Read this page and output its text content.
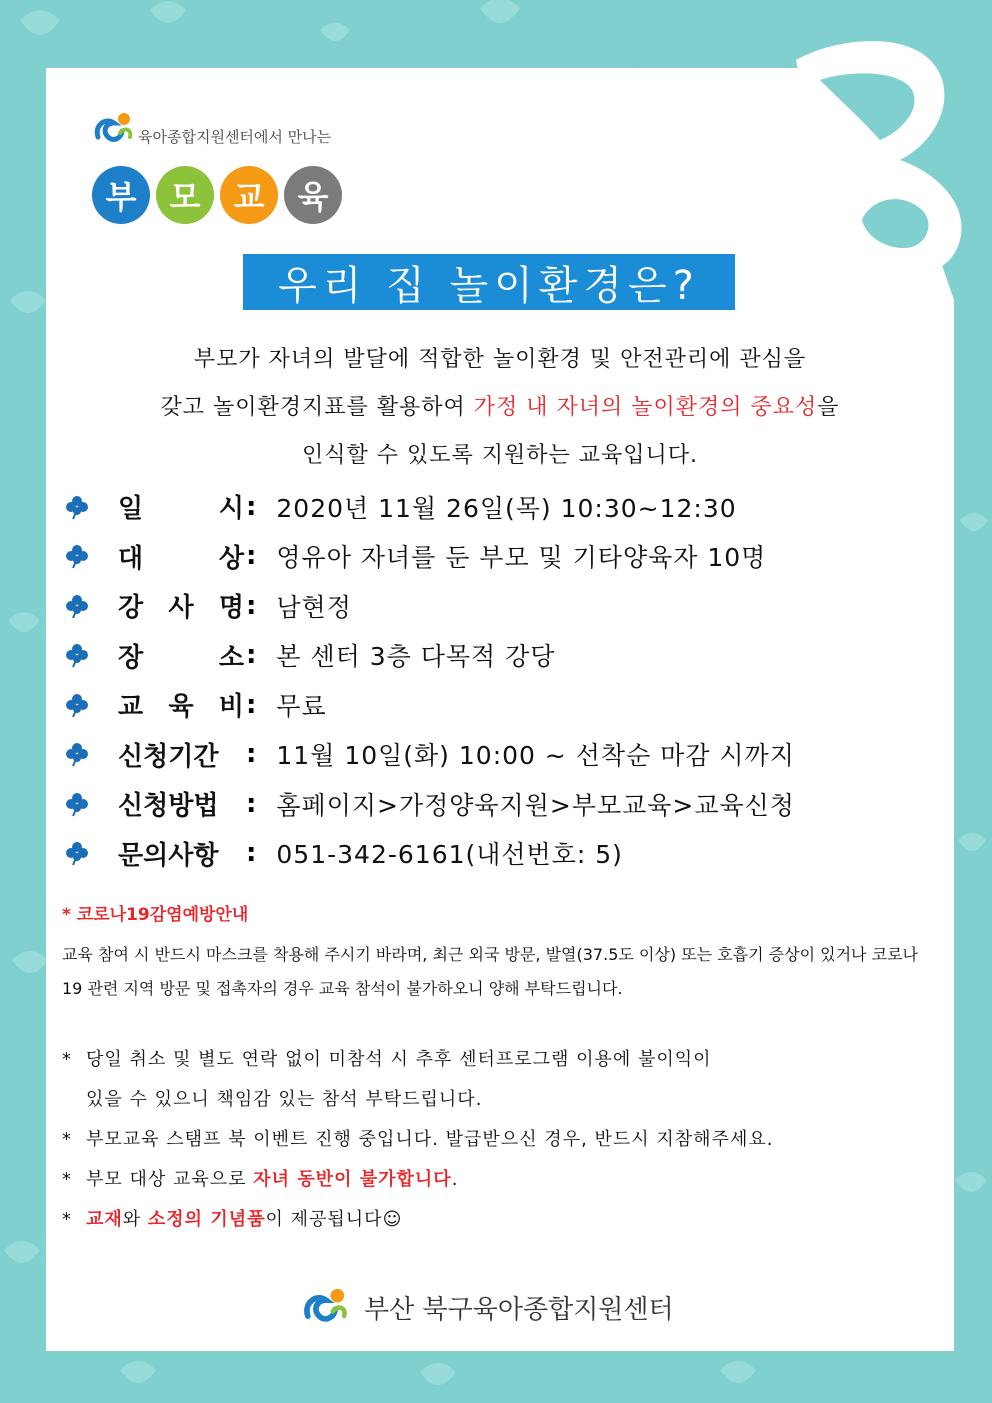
육아종합지원센터에서 만나는
부 모 교 육
우리 집 놀이환경은?
부모가 자녀의 발달에 적합한 놀이환경 및 안전관리에 관심을
갖고 놀이환경지표를 활용하여 가정 내 자녀의 놀이환경의 중요성을
인식할 수 있도록 지원하는 교육입니다.
일	시 : 2020년 11월 26일(목) 10:30~12:30
대	상 : 영유아 자녀를 둔 부모 및 기타양육자 10명
강 사 명 : 남현정
장	소 : 본 센터 3층 다목적 강당
교 육 비 : 무료
신청기간 : 11월 10일(화) 10:00 ~ 선착순 마감 시까지
신청방법 : 홈페이지>가정양육지원>부모교육>교육신청
문의사항 : 051-342-6161(내선번호: 5)
* 코로나19감염예방안내
교육 참여 시 반드시 마스크를 착용해 주시기 바라며, 최근 외국 방문, 발열(37.5도 이상) 또는 호흡기 증상이 있거나 코로나19 관련 지역 방문 및 접촉자의 경우 교육 참석이 불가하오니 양해 부탁드립니다.
* 당일 취소 및 별도 연락 없이 미참석 시 추후 센터프로그램 이용에 불이익이
있을 수 있으니 책임감 있는 참석 부탁드립니다.
* 부모교육 스탬프 북 이벤트 진행 중입니다. 발급받으신 경우, 반드시 지참해주세요.
* 부모 대상 교육으로 자녀 동반이 불가합니다.
* 교재와 소정의 기념품이 제공됩니다☺
부산 북구육아종합지원센터
